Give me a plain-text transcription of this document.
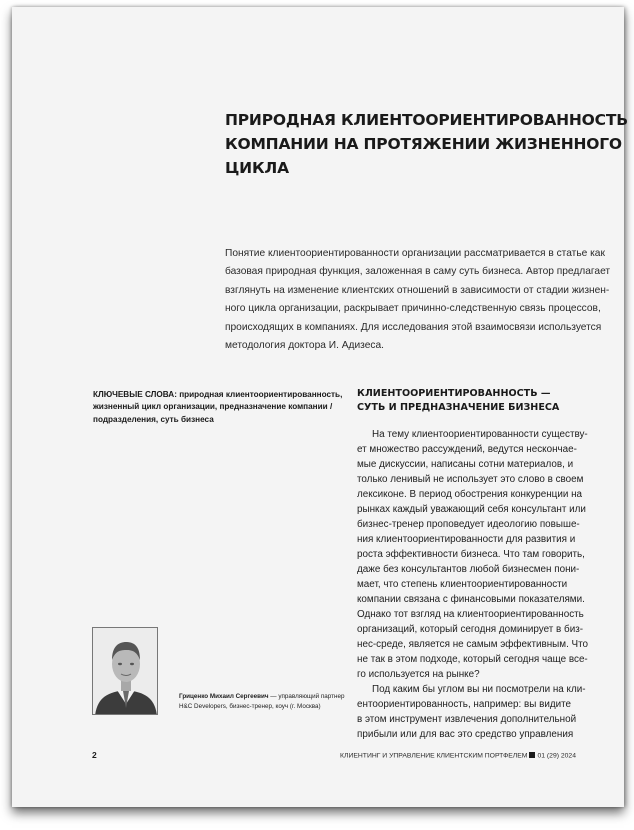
ПРИРОДНАЯ КЛИЕНТООРИЕНТИРОВАННОСТЬ
КОМПАНИИ НА ПРОТЯЖЕНИИ ЖИЗНЕННОГО
ЦИКЛА
Понятие клиентоориентированности организации рассматривается в статье как
базовая природная функция, заложенная в саму суть бизнеса. Автор предлагает
взглянуть на изменение клиентских отношений в зависимости от стадии жизнен-
ного цикла организации, раскрывает причинно-следственную связь процессов,
происходящих в компаниях. Для исследования этой взаимосвязи используется
методология доктора И. Адизеса.
КЛЮЧЕВЫЕ СЛОВА: природная клиентоориентированность,
жизненный цикл организации, предназначение компании /
подразделения, суть бизнеса
КЛИЕНТООРИЕНТИРОВАННОСТЬ —
СУТЬ И ПРЕДНАЗНАЧЕНИЕ БИЗНЕСА
На тему клиентоориентированности существу-
ет множество рассуждений, ведутся нескончае-
мые дискуссии, написаны сотни материалов, и
только ленивый не использует это слово в своем
лексиконе. В период обострения конкуренции на
рынках каждый уважающий себя консультант или
бизнес-тренер проповедует идеологию повыше-
ния клиентоориентированности для развития и
роста эффективности бизнеса. Что там говорить,
даже без консультантов любой бизнесмен пони-
мает, что степень клиентоориентированности
компании связана с финансовыми показателями.
Однако тот взгляд на клиентоориентированность
организаций, который сегодня доминирует в биз-
нес-среде, является не самым эффективным. Что
не так в этом подходе, который сегодня чаще все-
го используется на рынке?
Под каким бы углом вы ни посмотрели на кли-
ентоориентированность, например: вы видите
в этом инструмент извлечения дополнительной
прибыли или для вас это средство управления
Гриценко Михаил Сергеевич — управляющий партнер
H&C Developers, бизнес-тренер, коуч (г. Москва)
2	КЛИЕНТИНГ И УПРАВЛЕНИЕ КЛИЕНТСКИМ ПОРТФЕЛЕМ 01 (29) 2024
